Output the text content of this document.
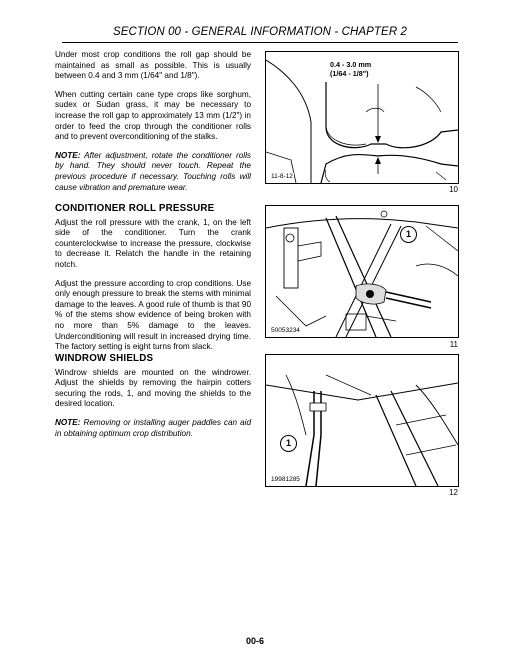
SECTION 00 - GENERAL INFORMATION - CHAPTER 2

Under most crop conditions the roll gap should be maintained as small as possible. This is usually between 0.4 and 3 mm (1/64" and 1/8").

When cutting certain cane type crops like sorghum, sudex or Sudan grass, it may be necessary to increase the roll gap to approximately 13 mm (1/2") in order to feed the crop through the conditioner rolls and to prevent overconditioning of the stalks.

NOTE: After adjustment, rotate the conditioner rolls by hand. They should never touch. Repeat the previous procedure if necessary. Touching rolls will cause vibration and premature wear.

CONDITIONER ROLL PRESSURE

Adjust the roll pressure with the crank, 1, on the left side of the conditioner. Turn the crank counterclockwise to increase the pressure, clockwise to decrease it. Relatch the handle in the retaining notch.

Adjust the pressure according to crop conditions. Use only enough pressure to break the stems with minimal damage to the leaves. A good rule of thumb is that 90 % of the stems show evidence of being broken with no more than 5% damage to the leaves. Underconditioning will result in increased drying time. The factory setting is eight turns from slack.

WINDROW SHIELDS

Windrow shields are mounted on the windrower. Adjust the shields by removing the hairpin cotters securing the rods, 1, and moving the shields to the desired location.

NOTE: Removing or installing auger paddles can aid in obtaining optimum crop distribution.

0.4 - 3.0 mm
(1/64 - 1/8")
11-8-12
10
1
50053234
11
1
19981285
12
00-6
